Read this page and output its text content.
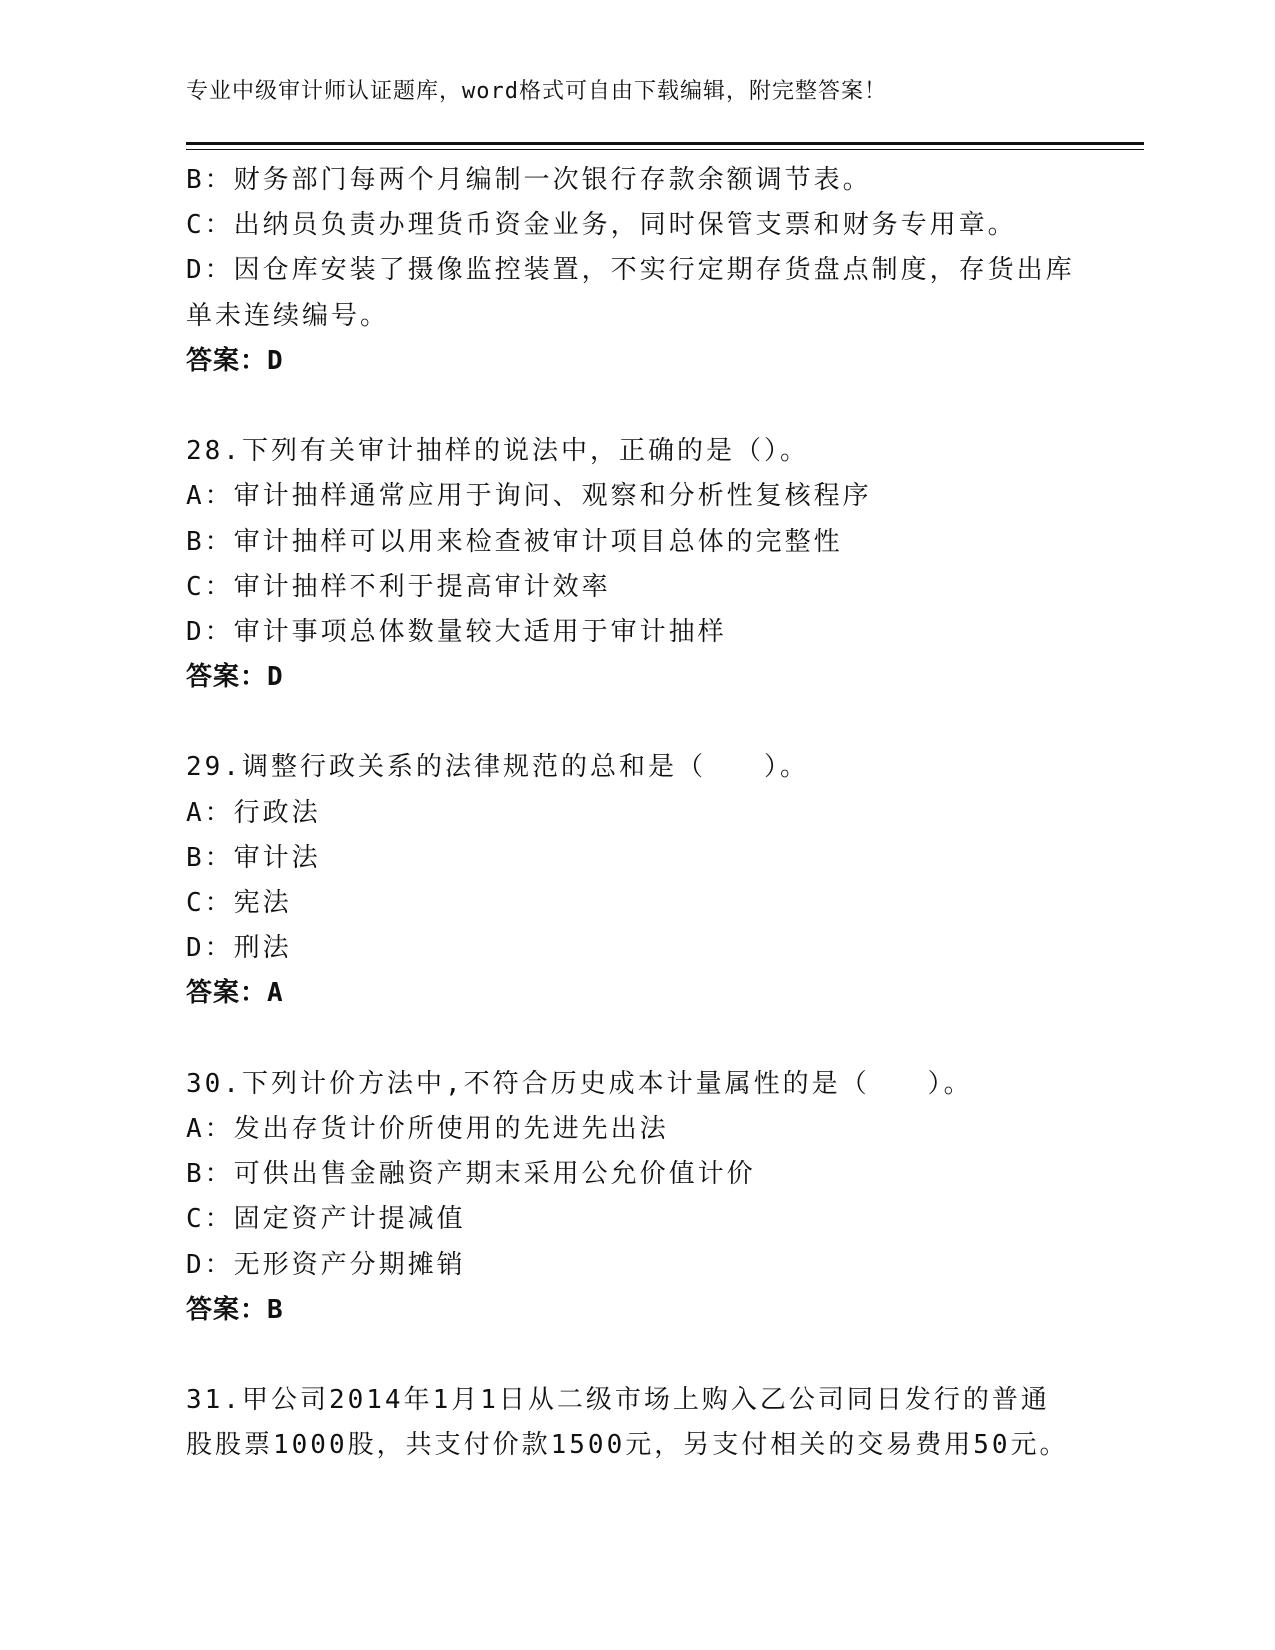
专业中级审计师认证题库，word格式可自由下载编辑，附完整答案！
B：财务部门每两个月编制一次银行存款余额调节表。
C：出纳员负责办理货币资金业务，同时保管支票和财务专用章。
D：因仓库安装了摄像监控装置，不实行定期存货盘点制度，存货出库
单未连续编号。
答案：D
28.下列有关审计抽样的说法中，正确的是（）。
A：审计抽样通常应用于询问、观察和分析性复核程序
B：审计抽样可以用来检查被审计项目总体的完整性
C：审计抽样不利于提高审计效率
D：审计事项总体数量较大适用于审计抽样
答案：D
29.调整行政关系的法律规范的总和是（　　）。
A：行政法
B：审计法
C：宪法
D：刑法
答案：A
30.下列计价方法中,不符合历史成本计量属性的是（　　）。
A：发出存货计价所使用的先进先出法
B：可供出售金融资产期末采用公允价值计价
C：固定资产计提减值
D：无形资产分期摊销
答案：B
31.甲公司2014年1月1日从二级市场上购入乙公司同日发行的普通
股股票1000股，共支付价款1500元，另支付相关的交易费用50元。
